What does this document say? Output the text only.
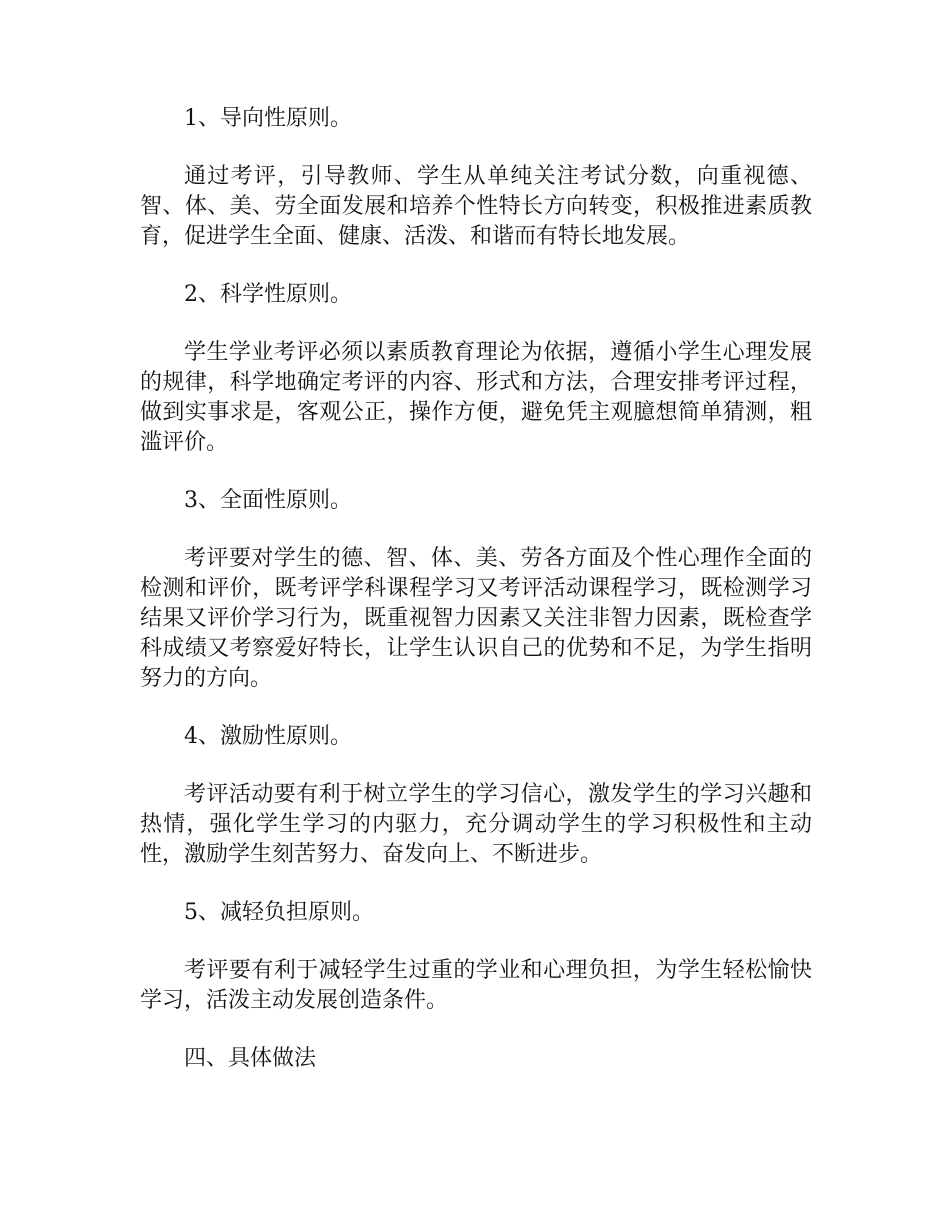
1、导向性原则。

通过考评，引导教师、学生从单纯关注考试分数，向重视德、智、体、美、劳全面发展和培养个性特长方向转变，积极推进素质教育，促进学生全面、健康、活泼、和谐而有特长地发展。

2、科学性原则。

学生学业考评必须以素质教育理论为依据，遵循小学生心理发展的规律，科学地确定考评的内容、形式和方法，合理安排考评过程，做到实事求是，客观公正，操作方便，避免凭主观臆想简单猜测，粗滥评价。

3、全面性原则。

考评要对学生的德、智、体、美、劳各方面及个性心理作全面的检测和评价，既考评学科课程学习又考评活动课程学习，既检测学习结果又评价学习行为，既重视智力因素又关注非智力因素，既检查学科成绩又考察爱好特长，让学生认识自己的优势和不足，为学生指明努力的方向。

4、激励性原则。

考评活动要有利于树立学生的学习信心，激发学生的学习兴趣和热情，强化学生学习的内驱力，充分调动学生的学习积极性和主动性，激励学生刻苦努力、奋发向上、不断进步。

5、减轻负担原则。

考评要有利于减轻学生过重的学业和心理负担，为学生轻松愉快学习，活泼主动发展创造条件。

四、具体做法
